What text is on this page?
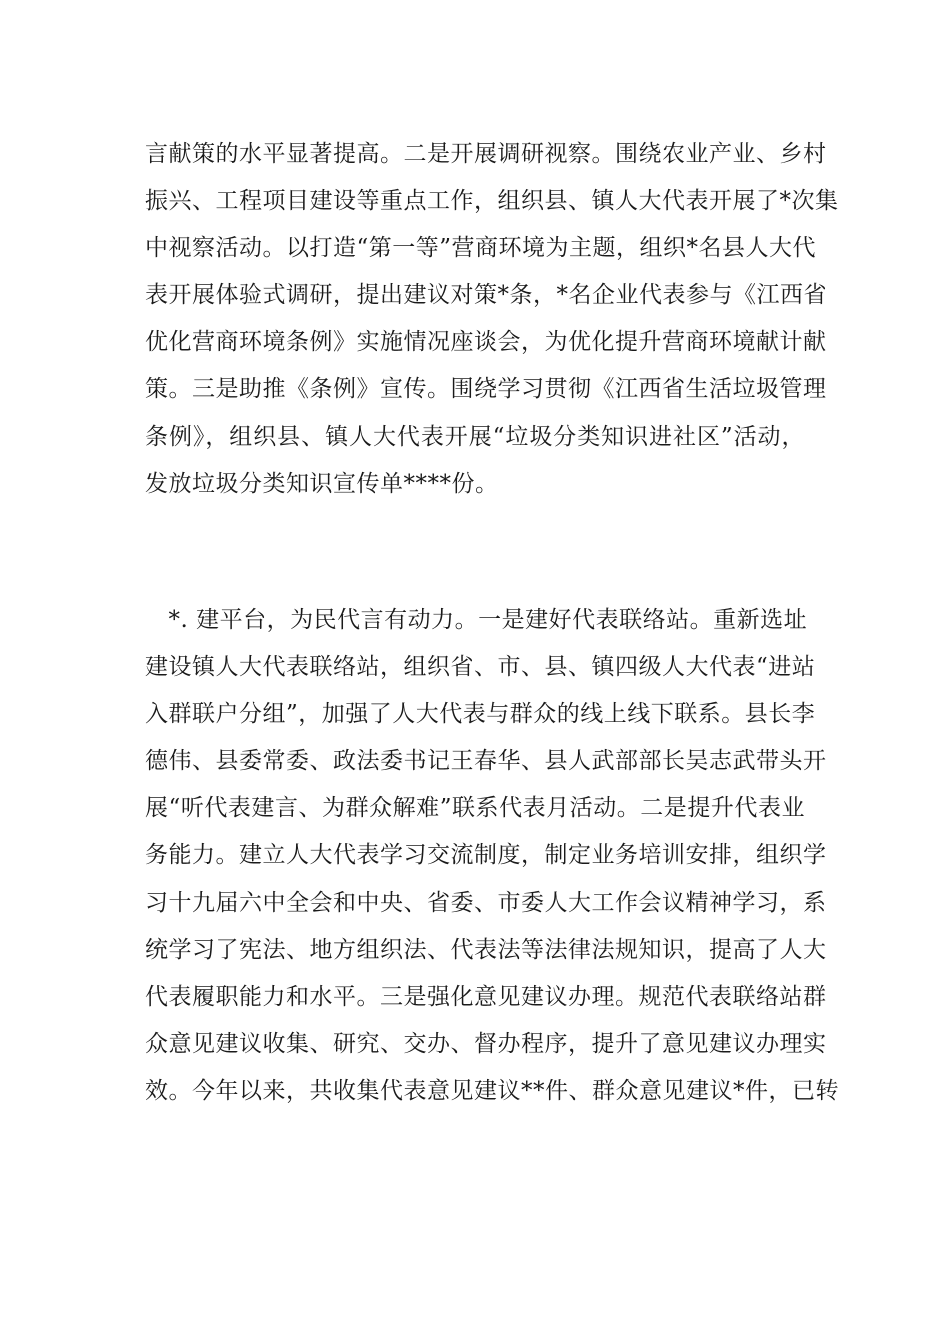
言献策的水平显著提高。二是开展调研视察。围绕农业产业、乡村
振兴、工程项目建设等重点工作，组织县、镇人大代表开展了*次集
中视察活动。以打造“第一等”营商环境为主题，组织*名县人大代
表开展体验式调研，提出建议对策*条，*名企业代表参与《江西省
优化营商环境条例》实施情况座谈会，为优化提升营商环境献计献
策。三是助推《条例》宣传。围绕学习贯彻《江西省生活垃圾管理
条例》，组织县、镇人大代表开展“垃圾分类知识进社区”活动，
发放垃圾分类知识宣传单****份。
　*. 建平台，为民代言有动力。一是建好代表联络站。重新选址
建设镇人大代表联络站，组织省、市、县、镇四级人大代表“进站
入群联户分组”，加强了人大代表与群众的线上线下联系。县长李
德伟、县委常委、政法委书记王春华、县人武部部长吴志武带头开
展“听代表建言、为群众解难”联系代表月活动。二是提升代表业
务能力。建立人大代表学习交流制度，制定业务培训安排，组织学
习十九届六中全会和中央、省委、市委人大工作会议精神学习，系
统学习了宪法、地方组织法、代表法等法律法规知识，提高了人大
代表履职能力和水平。三是强化意见建议办理。规范代表联络站群
众意见建议收集、研究、交办、督办程序，提升了意见建议办理实
效。今年以来，共收集代表意见建议**件、群众意见建议*件，已转
